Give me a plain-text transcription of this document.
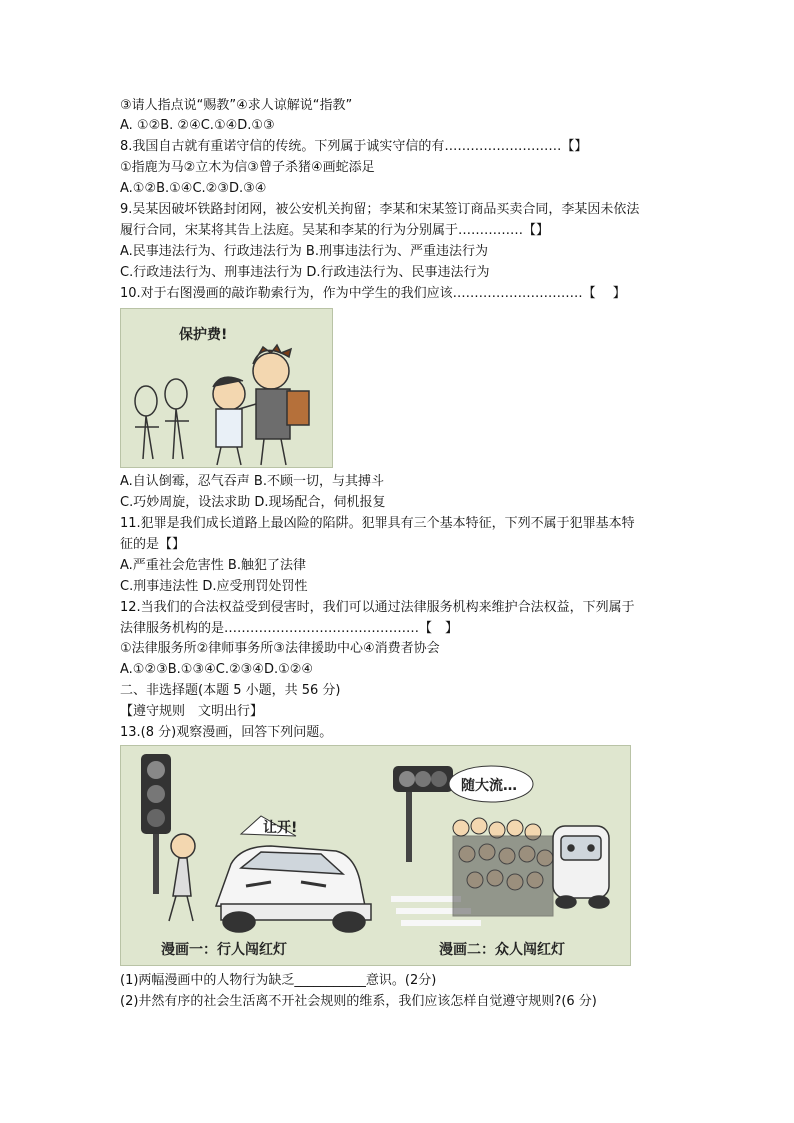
③请人指点说“赐教”④求人谅解说“指教”
A. ①②B. ②④C.①④D.①③
8.我国自古就有重诺守信的传统。下列属于诚实守信的有………………………【】
①指鹿为马②立木为信③曾子杀猪④画蛇添足
A.①②B.①④C.②③D.③④
9.吴某因破坏铁路封闭网，被公安机关拘留；李某和宋某签订商品买卖合同，李某因未依法
履行合同，宋某将其告上法庭。吴某和李某的行为分别属于……………【】
A.民事违法行为、行政违法行为 B.刑事违法行为、严重违法行为
C.行政违法行为、刑事违法行为 D.行政违法行为、民事违法行为
10.对于右图漫画的敲诈勒索行为，作为中学生的我们应该…………………………【　 】
保护费!
A.自认倒霉，忍气吞声 B.不顾一切，与其搏斗
C.巧妙周旋，设法求助 D.现场配合，伺机报复
11.犯罪是我们成长道路上最凶险的陷阱。犯罪具有三个基本特征，下列不属于犯罪基本特
征的是【】
A.严重社会危害性 B.触犯了法律
C.刑事违法性 D.应受刑罚处罚性
12.当我们的合法权益受到侵害时，我们可以通过法律服务机构来维护合法权益，下列属于
法律服务机构的是………………………………………【　】
①法律服务所②律师事务所③法律援助中心④消费者协会
A.①②③B.①③④C.②③④D.①②④
二、非选择题(本题 5 小题，共 56 分)
【遵守规则　文明出行】
13.(8 分)观察漫画，回答下列问题。
让开!
漫画一：行人闯红灯
随大流…
漫画二：众人闯红灯
(1)两幅漫画中的人物行为缺乏___________意识。(2分)
(2)井然有序的社会生活离不开社会规则的维系，我们应该怎样自觉遵守规则?(6 分)
